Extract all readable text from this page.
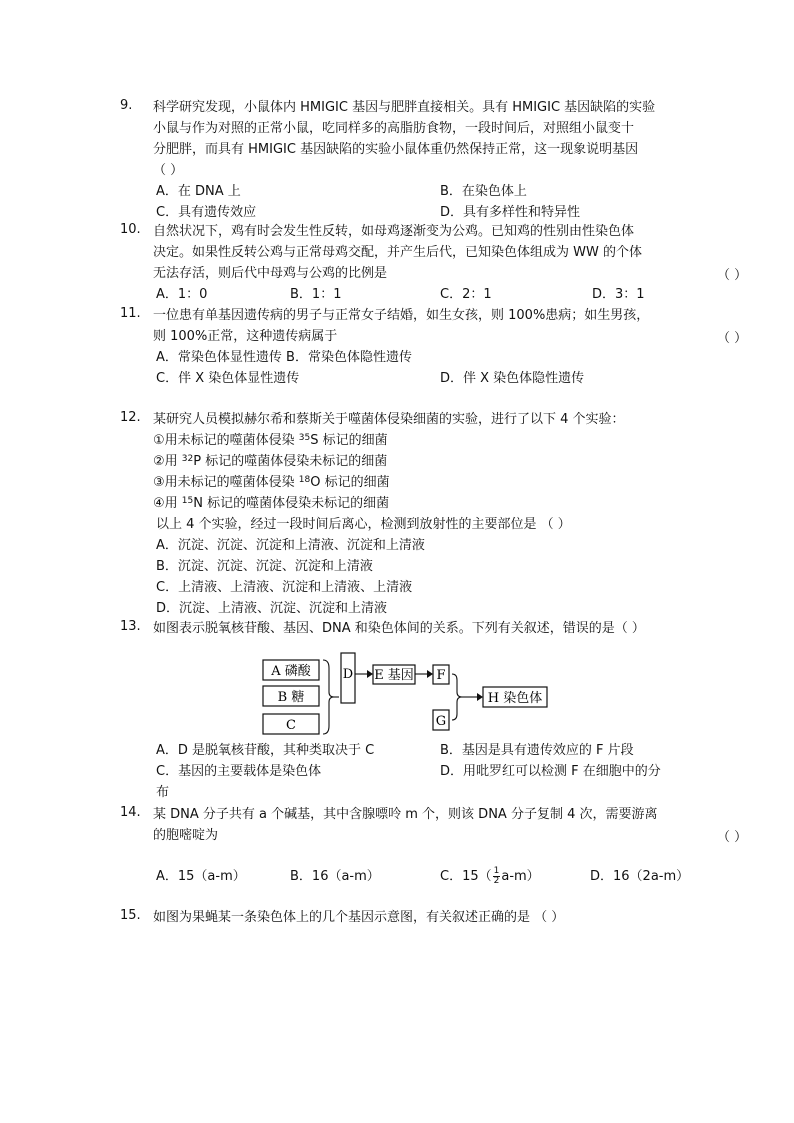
9.	科学研究发现，小鼠体内 HMIGIC 基因与肥胖直接相关。具有 HMIGIC 基因缺陷的实验
小鼠与作为对照的正常小鼠，吃同样多的高脂肪食物，一段时间后，对照组小鼠变十
分肥胖，而具有 HMIGIC 基因缺陷的实验小鼠体重仍然保持正常，这一现象说明基因
（ ）
A．在 DNA 上	B．在染色体上
C．具有遗传效应	D．具有多样性和特异性
10. 自然状况下，鸡有时会发生性反转，如母鸡逐渐变为公鸡。已知鸡的性别由性染色体
决定。如果性反转公鸡与正常母鸡交配，并产生后代，已知染色体组成为 WW 的个体
无法存活，则后代中母鸡与公鸡的比例是
A．1：0	B．1：1	C．2：1	D．3：1
（ ）
11. 一位患有单基因遗传病的男子与正常女子结婚，如生女孩，则 100%患病；如生男孩，
则 100%正常，这种遗传病属于
A．常染色体显性遗传 B．常染色体隐性遗传
C．伴 X 染色体显性遗传	D．伴 X 染色体隐性遗传
（ ）
12. 某研究人员模拟赫尔希和蔡斯关于噬菌体侵染细菌的实验，进行了以下 4 个实验：
①用未标记的噬菌体侵染 $^{35}$S 标记的细菌
②用 $^{32}$P 标记的噬菌体侵染未标记的细菌
③用未标记的噬菌体侵染 $^{18}$O 标记的细菌
④用 $^{15}$N 标记的噬菌体侵染未标记的细菌
以上 4 个实验，经过一段时间后离心，检测到放射性的主要部位是 （ ）
A．沉淀、沉淀、沉淀和上清液、沉淀和上清液
B．沉淀、沉淀、沉淀、沉淀和上清液
C．上清液、上清液、沉淀和上清液、上清液
D．沉淀、上清液、沉淀、沉淀和上清液
13. 如图表示脱氧核苷酸、基因、DNA 和染色体间的关系。下列有关叙述，错误的是（ ）
A 磷酸
B 糖
C
D E 基因 F
G
H 染色体
A．D 是脱氧核苷酸，其种类取决于 C	B．基因是具有遗传效应的 F 片段
C．基因的主要载体是染色体	D．用吡罗红可以检测 F 在细胞中的分
布
14. 某 DNA 分子共有 a 个碱基，其中含腺嘌呤 m 个，则该 DNA 分子复制 4 次，需要游离
的胞嘧啶为
A．15（a-m）	B．16（a-m）	C．$15( \frac{1}{2} a-m)$	D．16（2a-m）
（ ）
15. 如图为果蝇某一条染色体上的几个基因示意图，有关叙述正确的是 （ ）
